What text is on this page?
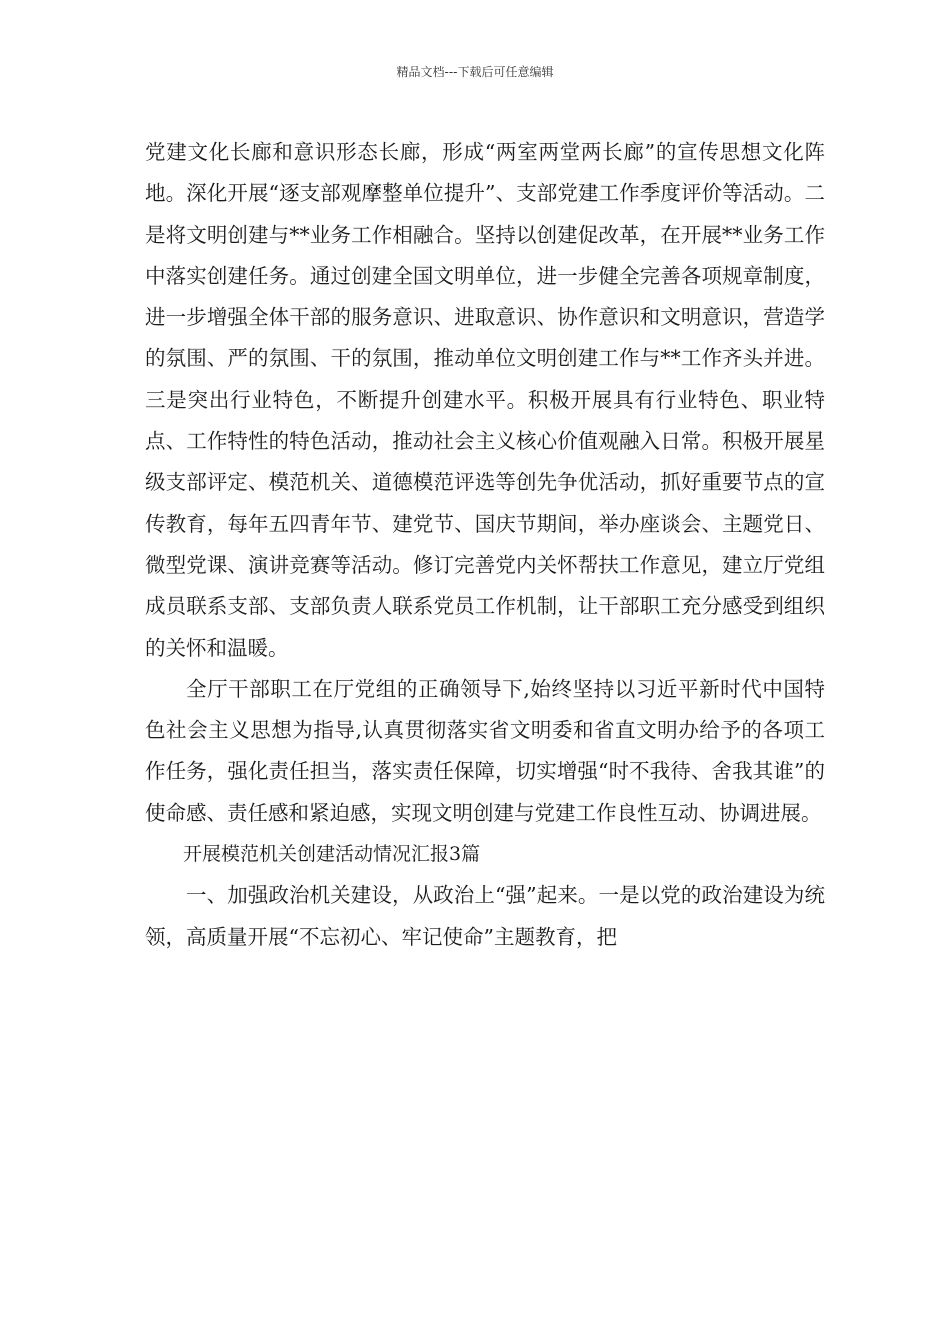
精品文档---下载后可任意编辑

党建文化长廊和意识形态长廊，形成“两室两堂两长廊”的宣传思想文化阵地。深化开展“逐支部观摩整单位提升”、支部党建工作季度评价等活动。二是将文明创建与**业务工作相融合。坚持以创建促改革，在开展**业务工作中落实创建任务。通过创建全国文明单位，进一步健全完善各项规章制度，进一步增强全体干部的服务意识、进取意识、协作意识和文明意识，营造学的氛围、严的氛围、干的氛围，推动单位文明创建工作与**工作齐头并进。三是突出行业特色，不断提升创建水平。积极开展具有行业特色、职业特点、工作特性的特色活动，推动社会主义核心价值观融入日常。积极开展星级支部评定、模范机关、道德模范评选等创先争优活动，抓好重要节点的宣传教育，每年五四青年节、建党节、国庆节期间，举办座谈会、主题党日、微型党课、演讲竞赛等活动。修订完善党内关怀帮扶工作意见，建立厅党组成员联系支部、支部负责人联系党员工作机制，让干部职工充分感受到组织的关怀和温暖。

全厅干部职工在厅党组的正确领导下,始终坚持以习近平新时代中国特色社会主义思想为指导,认真贯彻落实省文明委和省直文明办给予的各项工作任务，强化责任担当，落实责任保障，切实增强“时不我待、舍我其谁”的使命感、责任感和紧迫感，实现文明创建与党建工作良性互动、协调进展。

开展模范机关创建活动情况汇报3篇

一、加强政治机关建设，从政治上“强”起来。一是以党的政治建设为统领，高质量开展“不忘初心、牢记使命”主题教育，把
